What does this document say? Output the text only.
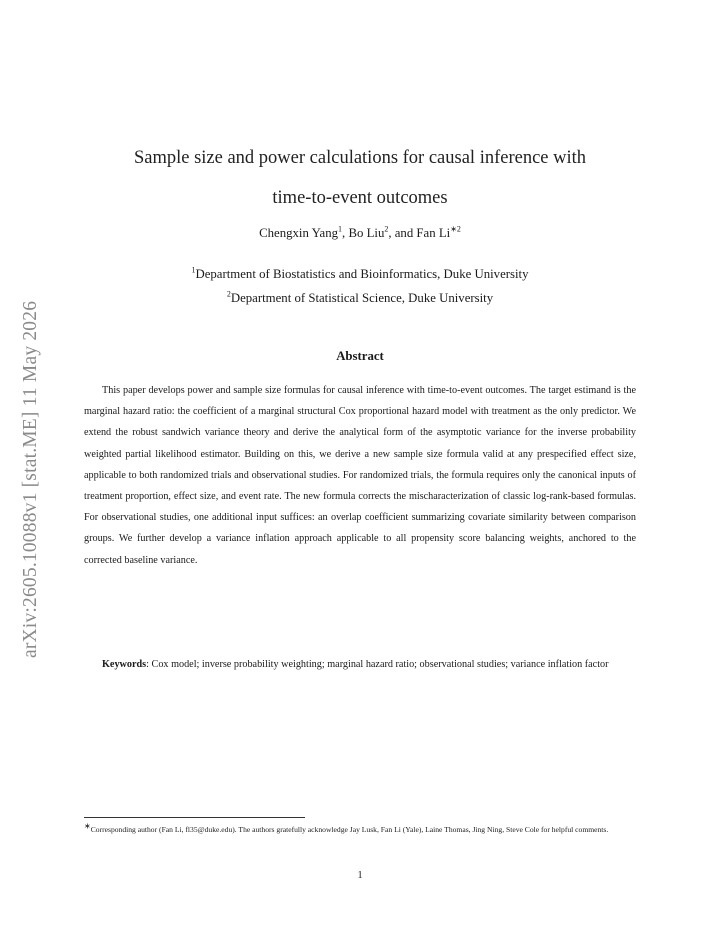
arXiv:2605.10088v1 [stat.ME] 11 May 2026
Sample size and power calculations for causal inference with
time-to-event outcomes
Chengxin Yang$^1$, Bo Liu$^2$, and Fan $Li^{∗2}$
$^1$Department of Biostatistics and Bioinformatics, Duke University
$^2$Department of Statistical Science, Duke University
Abstract

This paper develops power and sample size formulas for causal inference with time-to-event outcomes. The target estimand is the marginal hazard ratio: the coefficient of a marginal structural Cox proportional hazard model with treatment as the only predictor. We extend the robust sandwich variance theory and derive the analytical form of the asymptotic variance for the inverse probability weighted partial likelihood estimator. Building on this, we derive a new sample size formula valid at any prespecified effect size, applicable to both randomized trials and observational studies. For randomized trials, the formula requires only the canonical inputs of treatment proportion, effect size, and event rate. The new formula corrects the mischaracterization of classic log-rank-based formulas. For observational studies, one additional input suffices: an overlap coefficient summarizing covariate similarity between comparison groups. We further develop a variance inflation approach applicable to all propensity score balancing weights, anchored to the corrected baseline variance.

Keywords: Cox model; inverse probability weighting; marginal hazard ratio; observational studies; variance inflation factor

∗Corresponding author (Fan Li, fl35@duke.edu). The authors gratefully acknowledge Jay Lusk, Fan Li (Yale), Laine Thomas, Jing Ning, Steve Cole for helpful comments.

1
